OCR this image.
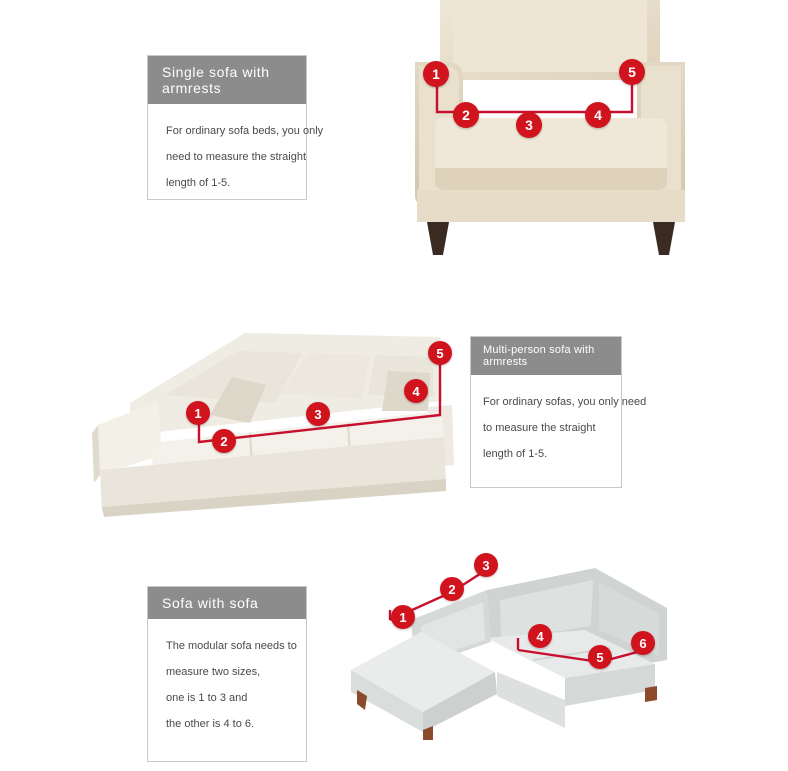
1
2
3
4
5
Single sofa with armrests
For ordinary sofa beds, you only
need to measure the straight
length of 1-5.
1
2
3
4
5	Multi-person sofa with armrests
For ordinary sofas, you only need
to measure the straight
length of 1-5.
1
2
3
4
5
6
Sofa with sofa
The modular sofa needs to
measure two sizes,
one is 1 to 3 and
the other is 4 to 6.
